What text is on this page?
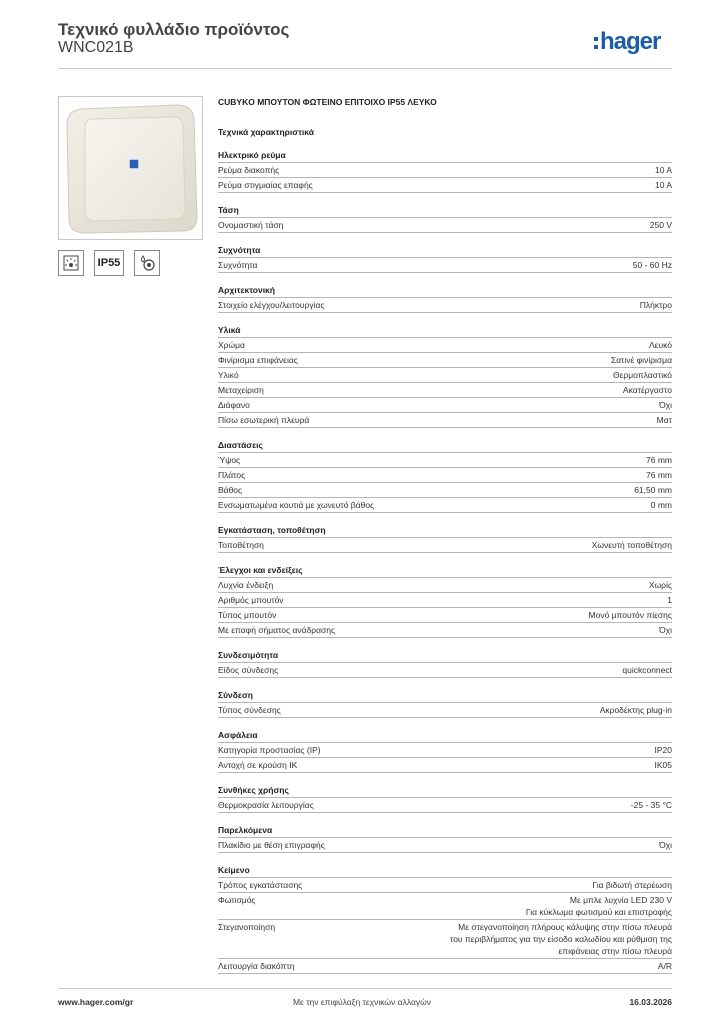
Τεχνικό φυλλάδιο προϊόντος
WNC021B	hager
IP55
CUBYKO ΜΠΟΥΤΟΝ ΦΩΤΕΙΝΟ ΕΠΙΤΟΙΧΟ IP55 ΛΕΥΚΟ
Τεχνικά χαρακτηριστικά
Ηλεκτρικό ρεύμα
Ρεύμα διακοπής	10 A
Ρεύμα στιγμιαίας επαφής	10 A
Τάση
Ονομαστική τάση	250 V
Συχνότητα
Συχνότητα	50 - 60 Hz
Αρχιτεκτονική
Στοιχείο ελέγχου/λειτουργίας	Πλήκτρο
Υλικά
Χρώμα	Λευκό
Φινίρισμα επιφάνειας	Σατινέ φινίρισμα
Υλικό	Θερμοπλαστικό
Μεταχείριση	Ακατέργαστο
Διάφανο	Όχι
Πίσω εσωτερική πλευρά	Ματ
Διαστάσεις
Ύψος	76 mm
Πλάτος	76 mm
Βάθος	61,50 mm
Ενσωματωμένα κουτιά με χωνευτό βάθος	0 mm
Εγκατάσταση, τοποθέτηση
Τοποθέτηση	Χωνευτή τοποθέτηση
Έλεγχοι και ενδείξεις
Λυχνία ένδειξη	Χωρίς
Αριθμός μπουτόν	1
Τύπος μπουτόν	Μονό μπουτόν πίεσης
Με επαφή σήματος ανάδρασης	Όχι
Συνδεσιμότητα
Είδος σύνδεσης	quickconnect
Σύνδεση
Τύπος σύνδεσης	Ακροδέκτης plug-in
Ασφάλεια
Κατηγορία προστασίας (IP)	IP20
Αντοχή σε κρούση IK	IK05
Συνθήκες χρήσης
Θερμοκρασία λειτουργίας	-25 - 35 °C
Παρελκόμενα
Πλακίδιο με θέση επιγραφής	Όχι
Κείμενο
Τρόπος εγκατάστασης	Για βιδωτή στερέωση
Φωτισμός	Με μπλε λυχνία LED 230 V
Για κύκλωμα φωτισμού και επιστροφής
Στεγανοποίηση	Με στεγανοποίηση πλήρους κάλυψης στην πίσω πλευρά
του περιβλήματος για την είσοδο καλωδίου και ρύθμιση της
επιφάνειας στην πίσω πλευρά
Λειτουργία διακόπτη	A/R
www.hager.com/gr	Με την επιφύλαξη τεχνικών αλλαγών	16.03.2026
